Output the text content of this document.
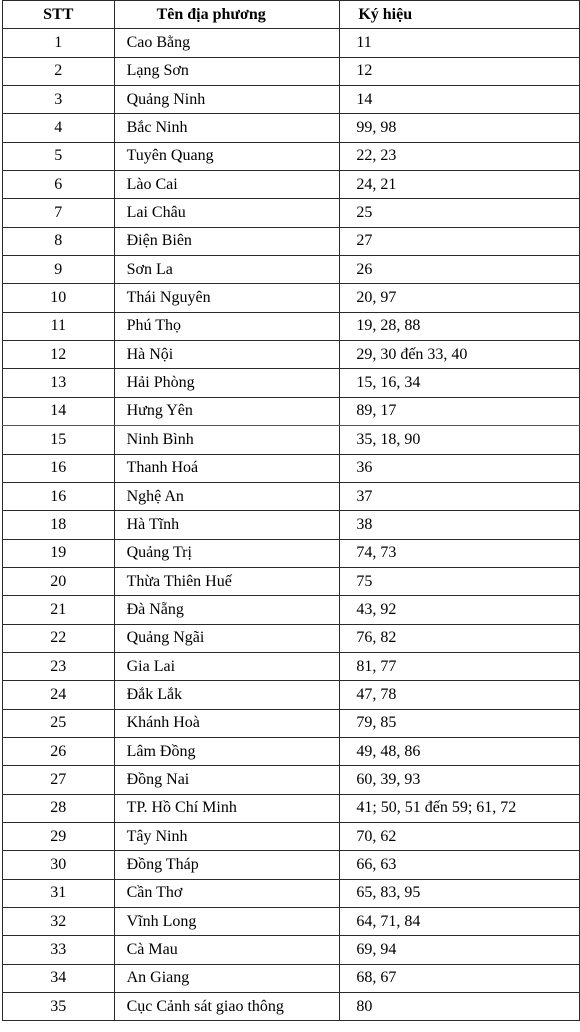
STT	Tên địa phương	Ký hiệu
1	Cao Bằng	11
2	Lạng Sơn	12
3	Quảng Ninh	14
4	Bắc Ninh	99, 98
5	Tuyên Quang	22, 23
6	Lào Cai	24, 21
7	Lai Châu	25
8	Điện Biên	27
9	Sơn La	26
10	Thái Nguyên	20, 97
11	Phú Thọ	19, 28, 88
12	Hà Nội	29, 30 đến 33, 40
13	Hải Phòng	15, 16, 34
14	Hưng Yên	89, 17
15	Ninh Bình	35, 18, 90
16	Thanh Hoá	36
16	Nghệ An	37
18	Hà Tĩnh	38
19	Quảng Trị	74, 73
20	Thừa Thiên Huế	75
21	Đà Nẵng	43, 92
22	Quảng Ngãi	76, 82
23	Gia Lai	81, 77
24	Đắk Lắk	47, 78
25	Khánh Hoà	79, 85
26	Lâm Đồng	49, 48, 86
27	Đồng Nai	60, 39, 93
28	TP. Hồ Chí Minh	41; 50, 51 đến 59; 61, 72
29	Tây Ninh	70, 62
30	Đồng Tháp	66, 63
31	Cần Thơ	65, 83, 95
32	Vĩnh Long	64, 71, 84
33	Cà Mau	69, 94
34	An Giang	68, 67
35	Cục Cảnh sát giao thông	80
